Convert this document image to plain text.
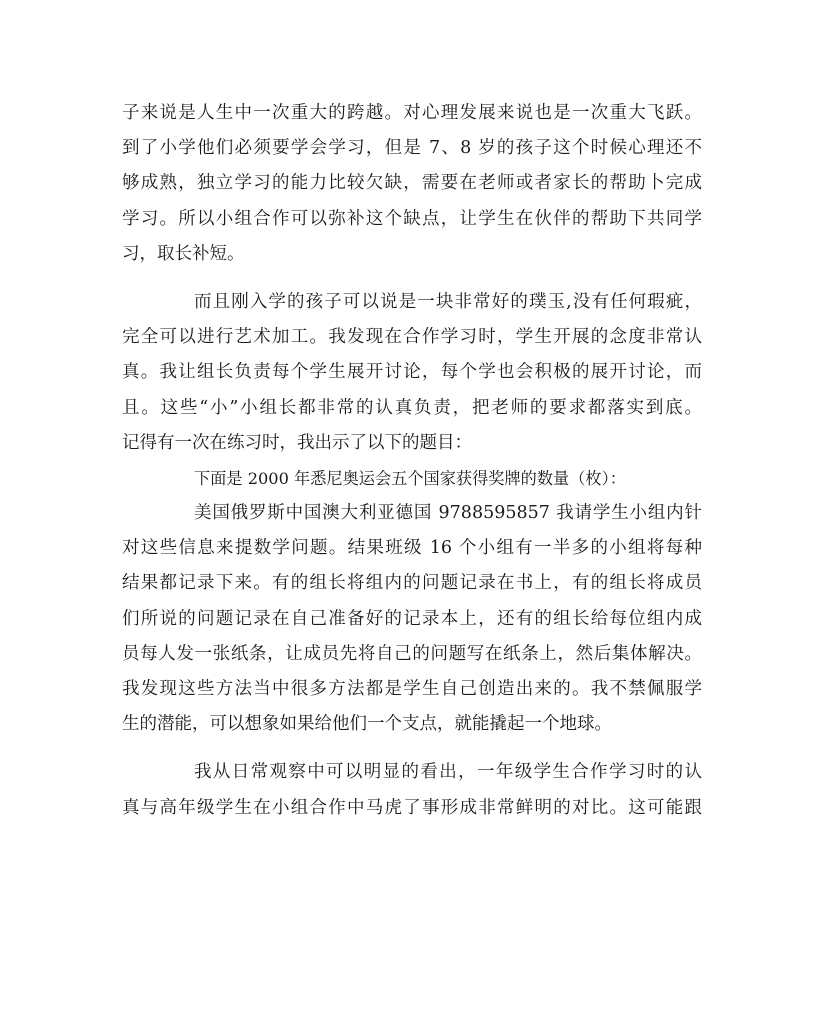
子来说是人生中一次重大的跨越。对心理发展来说也是一次重大飞跃。
到了小学他们必须要学会学习，但是 7、8 岁的孩子这个时候心理还不
够成熟，独立学习的能力比较欠缺，需要在老师或者家长的帮助卜完成
学习。所以小组合作可以弥补这个缺点，让学生在伙伴的帮助下共同学
习，取长补短。
而且刚入学的孩子可以说是一块非常好的璞玉,没有任何瑕疵，
完全可以进行艺术加工。我发现在合作学习时，学生开展的念度非常认
真。我让组长负责每个学生展开讨论，每个学也会积极的展开讨论，而
且。这些“小”小组长都非常的认真负责，把老师的要求都落实到底。
记得有一次在练习时，我出示了以下的题目：
下面是 2000 年悉尼奥运会五个国家获得奖牌的数量（枚）：
美国俄罗斯中国澳大利亚德国 9788595857 我请学生小组内针
对这些信息来提数学问题。结果班级 16 个小组有一半多的小组将每种
结果都记录下来。有的组长将组内的问题记录在书上，有的组长将成员
们所说的问题记录在自己准备好的记录本上，还有的组长给每位组内成
员每人发一张纸条，让成员先将自己的问题写在纸条上，然后集体解决。
我发现这些方法当中很多方法都是学生自己创造出来的。我不禁佩服学
生的潜能，可以想象如果给他们一个支点，就能撬起一个地球。
我从日常观察中可以明显的看出，一年级学生合作学习时的认
真与高年级学生在小组合作中马虎了事形成非常鲜明的对比。这可能跟
